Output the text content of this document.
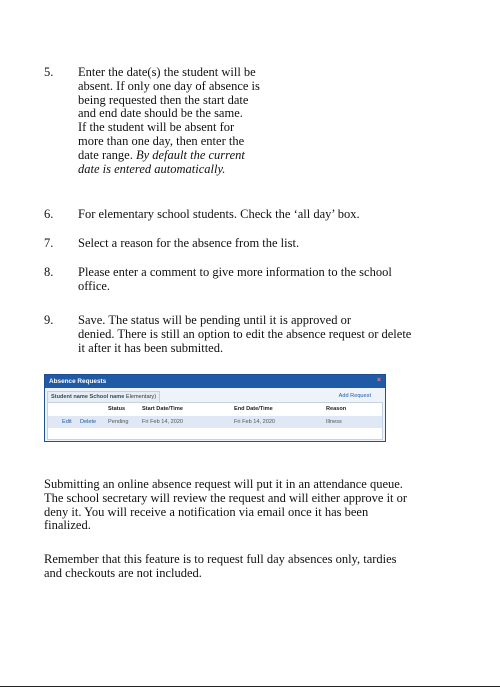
5.	Enter the date(s) the student will be
absent. If only one day of absence is
being requested then the start date
and end date should be the same.
If the student will be absent for
more than one day, then enter the
date range. By default the current
date is entered automatically.
6.	For elementary school students. Check the ‘all day’ box.
7.	Select a reason for the absence from the list.
8.	Please enter a comment to give more information to the school
office.
9.	Save. The status will be pending until it is approved or
denied. There is still an option to edit the absence request or delete
it after it has been submitted.
Absence Requests	×
Student name School name Elementary)	Add Request
Status	Start Date/Time	End Date/Time	Reason
Edit Delete Pending Fri Feb 14, 2020	Fri Feb 14, 2020	Illness
Submitting an online absence request will put it in an attendance queue.
The school secretary will review the request and will either approve it or
deny it. You will receive a notification via email once it has been
finalized.
Remember that this feature is to request full day absences only, tardies
and checkouts are not included.
